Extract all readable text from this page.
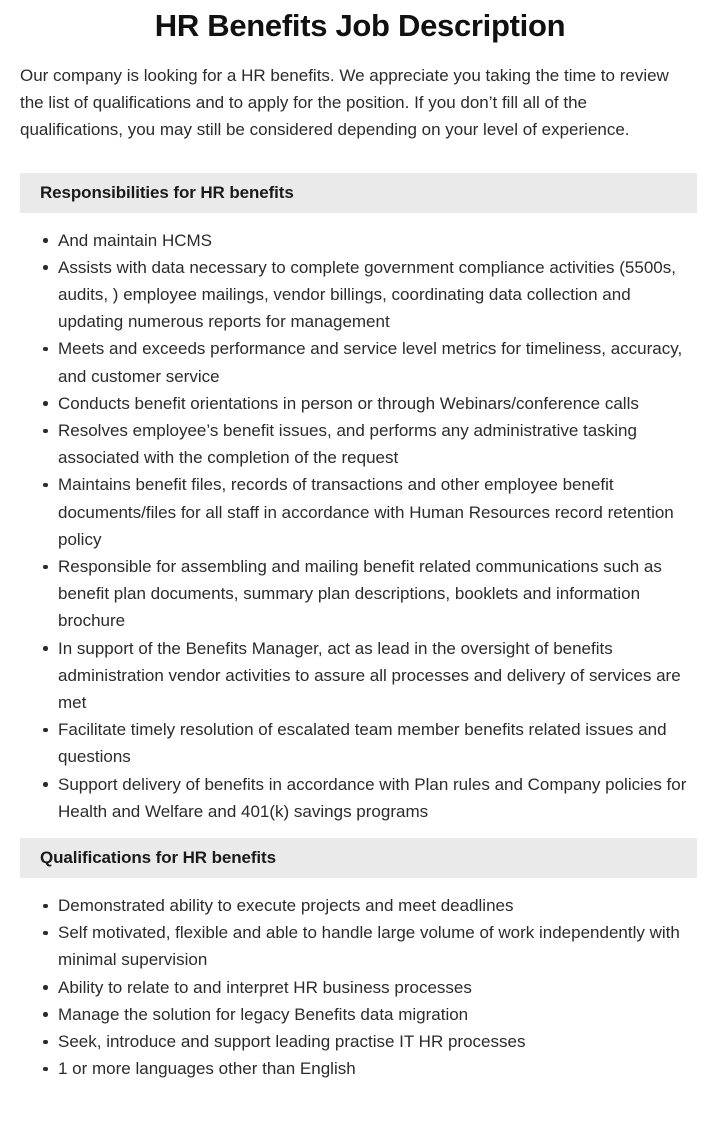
HR Benefits Job Description

Our company is looking for a HR benefits. We appreciate you taking the time to review the list of qualifications and to apply for the position. If you don’t fill all of the qualifications, you may still be considered depending on your level of experience.

Responsibilities for HR benefits
And maintain HCMS
Assists with data necessary to complete government compliance activities (5500s, audits, ) employee mailings, vendor billings, coordinating data collection and updating numerous reports for management
Meets and exceeds performance and service level metrics for timeliness, accuracy, and customer service
Conducts benefit orientations in person or through Webinars/conference calls
Resolves employee’s benefit issues, and performs any administrative tasking associated with the completion of the request
Maintains benefit files, records of transactions and other employee benefit documents/files for all staff in accordance with Human Resources record retention policy
Responsible for assembling and mailing benefit related communications such as benefit plan documents, summary plan descriptions, booklets and information brochure
In support of the Benefits Manager, act as lead in the oversight of benefits administration vendor activities to assure all processes and delivery of services are met
Facilitate timely resolution of escalated team member benefits related issues and questions
Support delivery of benefits in accordance with Plan rules and Company policies for Health and Welfare and 401(k) savings programs
Qualifications for HR benefits
Demonstrated ability to execute projects and meet deadlines
Self motivated, flexible and able to handle large volume of work independently with minimal supervision
Ability to relate to and interpret HR business processes
Manage the solution for legacy Benefits data migration
Seek, introduce and support leading practise IT HR processes
1 or more languages other than English
